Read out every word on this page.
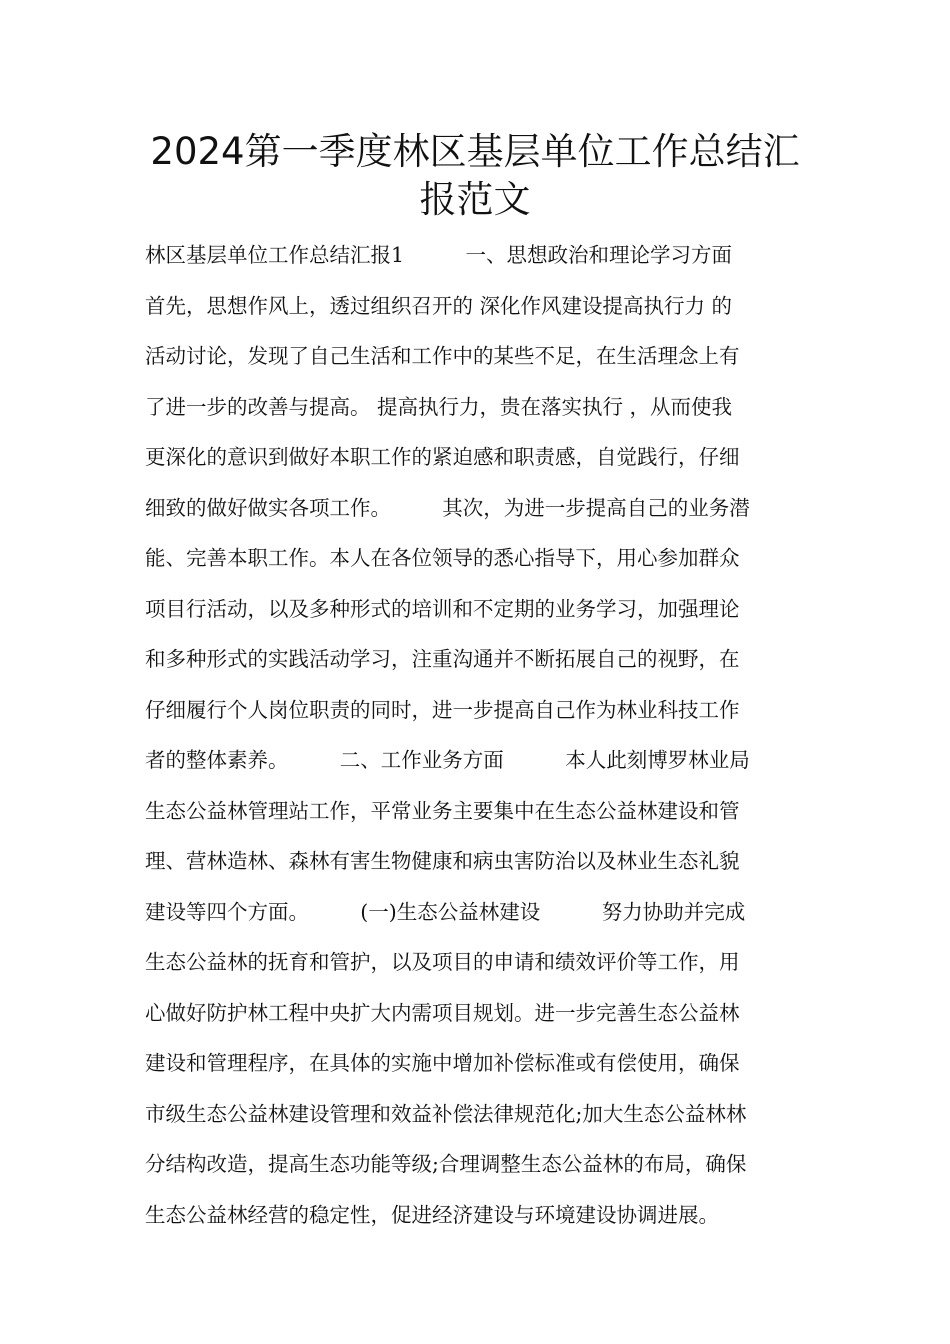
2024第一季度林区基层单位工作总结汇
报范文
林区基层单位工作总结汇报1　　　一、思想政治和理论学习方面
首先，思想作风上，透过组织召开的 深化作风建设提高执行力 的
活动讨论，发现了自己生活和工作中的某些不足，在生活理念上有
了进一步的改善与提高。 提高执行力，贵在落实执行 ，从而使我
更深化的意识到做好本职工作的紧迫感和职责感，自觉践行，仔细
细致的做好做实各项工作。　　　其次，为进一步提高自己的业务潜
能、完善本职工作。本人在各位领导的悉心指导下，用心参加群众
项目行活动，以及多种形式的培训和不定期的业务学习，加强理论
和多种形式的实践活动学习，注重沟通并不断拓展自己的视野，在
仔细履行个人岗位职责的同时，进一步提高自己作为林业科技工作
者的整体素养。　　　二、工作业务方面　　　本人此刻博罗林业局
生态公益林管理站工作，平常业务主要集中在生态公益林建设和管
理、营林造林、森林有害生物健康和病虫害防治以及林业生态礼貌
建设等四个方面。　　　(一)生态公益林建设　　　努力协助并完成
生态公益林的抚育和管护，以及项目的申请和绩效评价等工作，用
心做好防护林工程中央扩大内需项目规划。进一步完善生态公益林
建设和管理程序，在具体的实施中增加补偿标准或有偿使用，确保
市级生态公益林建设管理和效益补偿法律规范化;加大生态公益林林
分结构改造，提高生态功能等级;合理调整生态公益林的布局，确保
生态公益林经营的稳定性，促进经济建设与环境建设协调进展。
